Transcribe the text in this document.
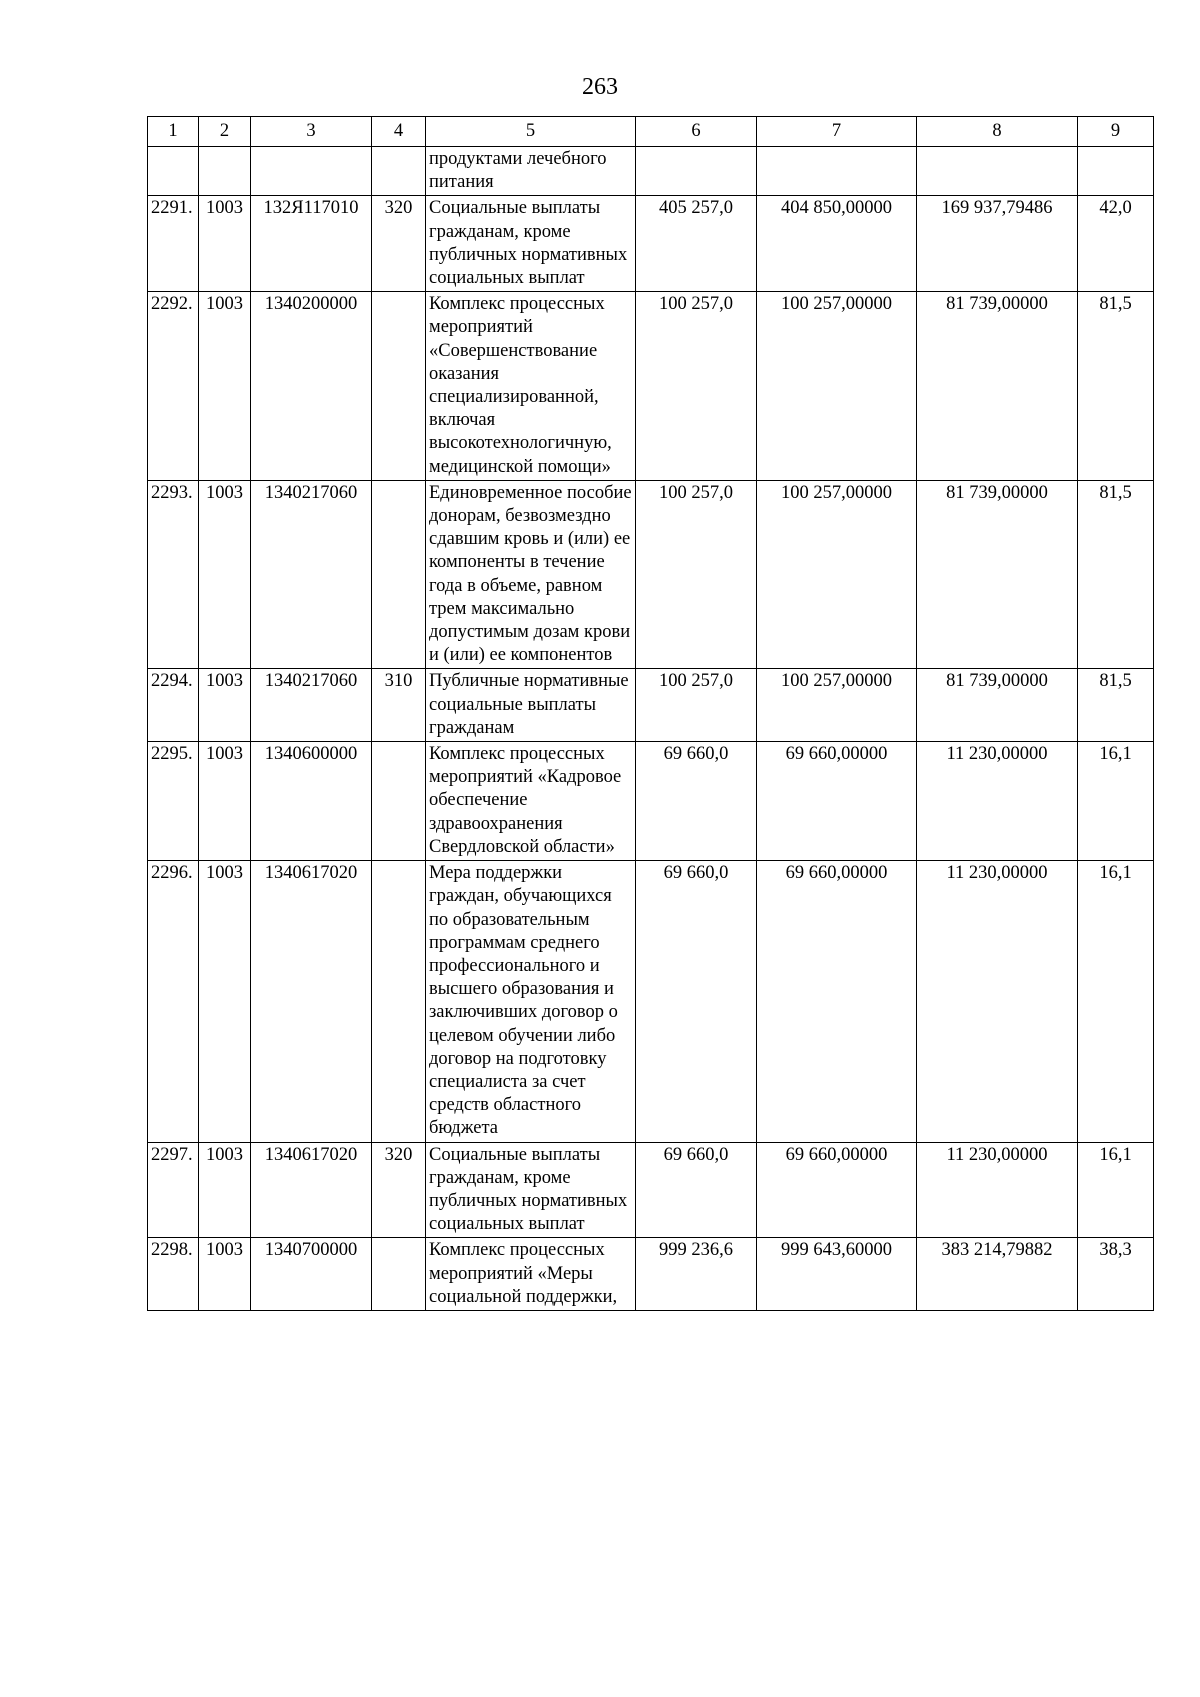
263
1	2	3	4	5	6	7	8	9
				продуктами лечебного питания				
2291.	1003	132Я117010	320	Социальные выплаты гражданам, кроме публичных нормативных социальных выплат	405 257,0	404 850,00000	169 937,79486	42,0
2292.	1003	1340200000		Комплекс процессных мероприятий «Совершенствование оказания специализированной, включая высокотехнологичную, медицинской помощи»	100 257,0	100 257,00000	81 739,00000	81,5
2293.	1003	1340217060		Единовременное пособие донорам, безвозмездно сдавшим кровь и (или) ее компоненты в течение года в объеме, равном трем максимально допустимым дозам крови и (или) ее компонентов	100 257,0	100 257,00000	81 739,00000	81,5
2294.	1003	1340217060	310	Публичные нормативные социальные выплаты гражданам	100 257,0	100 257,00000	81 739,00000	81,5
2295.	1003	1340600000		Комплекс процессных мероприятий «Кадровое обеспечение здравоохранения Свердловской области»	69 660,0	69 660,00000	11 230,00000	16,1
2296.	1003	1340617020		Мера поддержки граждан, обучающихся по образовательным программам среднего профессионального и высшего образования и заключивших договор о целевом обучении либо договор на подготовку специалиста за счет средств областного бюджета	69 660,0	69 660,00000	11 230,00000	16,1
2297.	1003	1340617020	320	Социальные выплаты гражданам, кроме публичных нормативных социальных выплат	69 660,0	69 660,00000	11 230,00000	16,1
2298.	1003	1340700000		Комплекс процессных мероприятий «Меры социальной поддержки,	999 236,6	999 643,60000	383 214,79882	38,3
